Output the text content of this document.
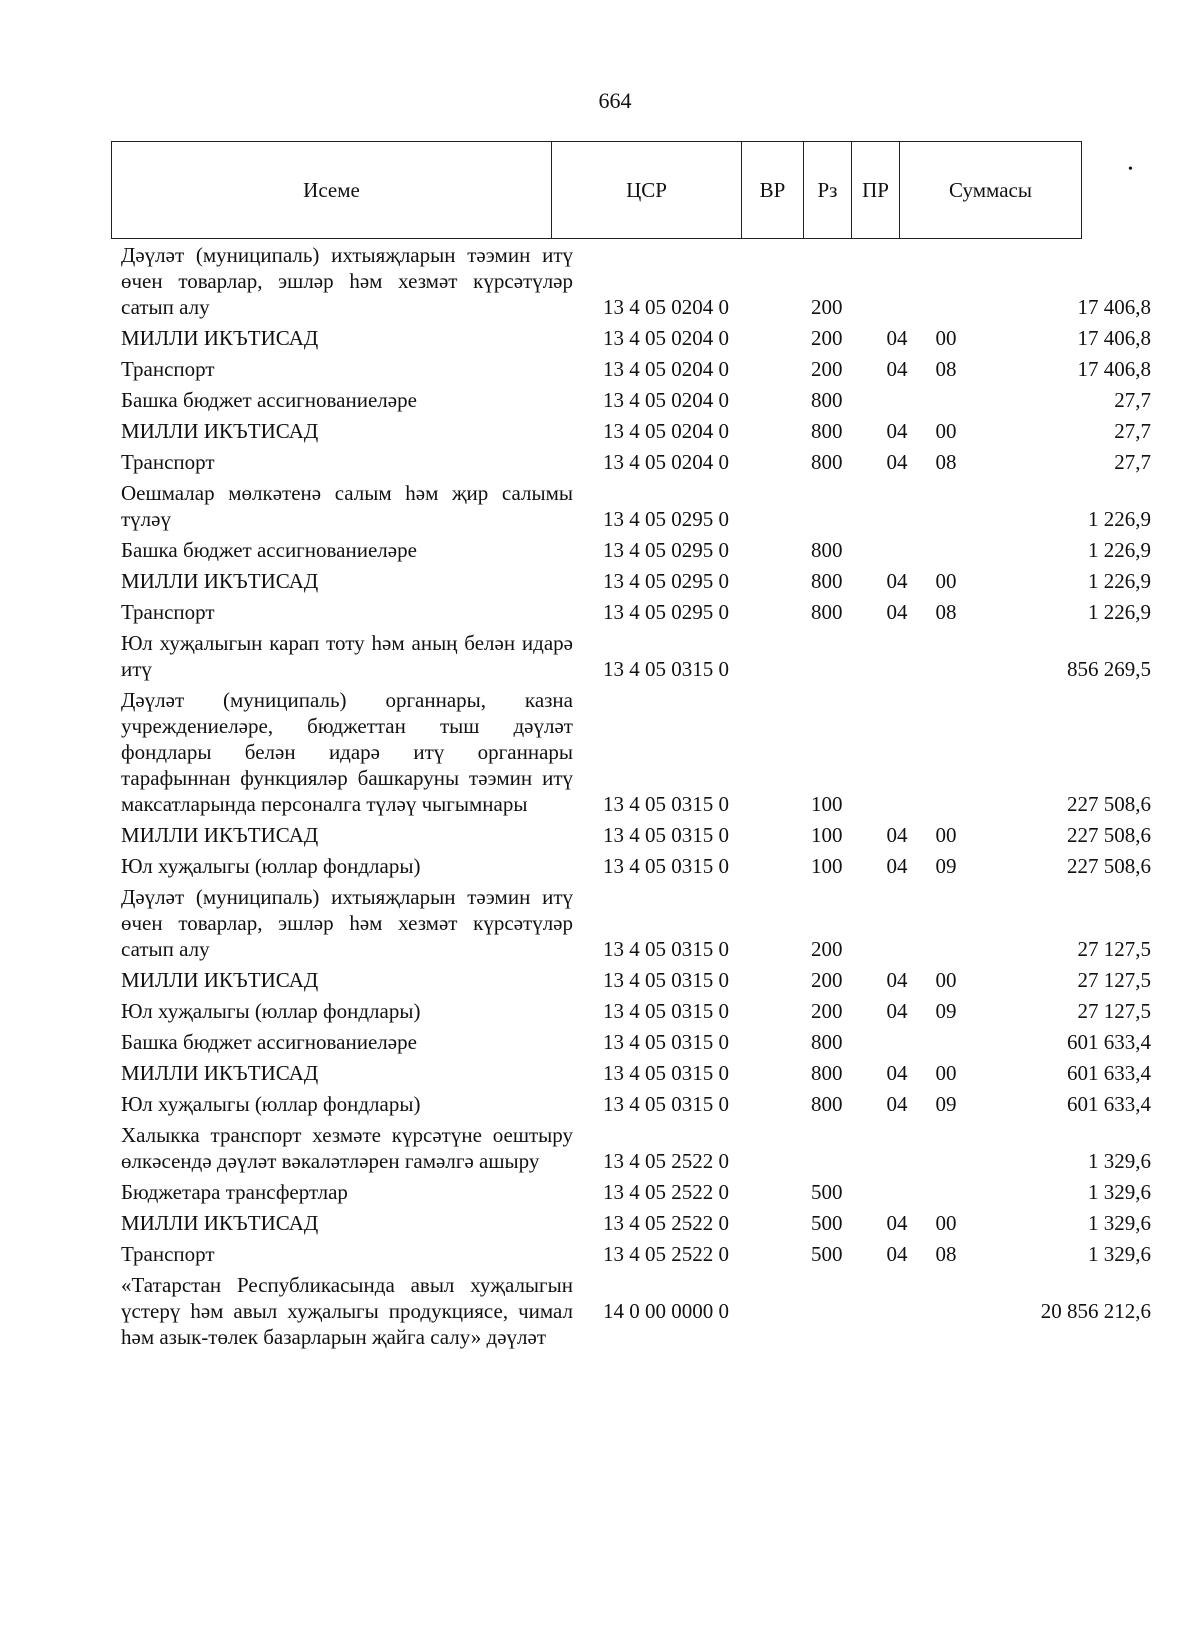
664
•
Исеме	ЦСР	ВР	Рз	ПР	Суммасы
Дәүләт (муниципаль) ихтыяҗларын тәэмин итү өчен товарлар, эшләр һәм хезмәт күрсәтүләр сатып алу	13 4 05 0204 0	200			17 406,8

МИЛЛИ ИКЪТИСАД	13 4 05 0204 0	200	04	00	17 406,8

Транспорт	13 4 05 0204 0	200	04	08	17 406,8

Башка бюджет ассигнованиеләре	13 4 05 0204 0	800			27,7

МИЛЛИ ИКЪТИСАД	13 4 05 0204 0	800	04	00	27,7

Транспорт	13 4 05 0204 0	800	04	08	27,7

Оешмалар мөлкәтенә салым һәм җир салымы түләү	13 4 05 0295 0				1 226,9

Башка бюджет ассигнованиеләре	13 4 05 0295 0	800			1 226,9

МИЛЛИ ИКЪТИСАД	13 4 05 0295 0	800	04	00	1 226,9

Транспорт	13 4 05 0295 0	800	04	08	1 226,9

Юл хуҗалыгын карап тоту һәм аның белән идарә итү	13 4 05 0315 0				856 269,5

Дәүләт (муниципаль) органнары, казна учреждениеләре, бюджеттан тыш дәүләт фондлары белән идарә итү органнары тарафыннан функцияләр башкаруны тәэмин итү максатларында персоналга түләү чыгымнары	13 4 05 0315 0	100			227 508,6

МИЛЛИ ИКЪТИСАД	13 4 05 0315 0	100	04	00	227 508,6

Юл хуҗалыгы (юллар фондлары)	13 4 05 0315 0	100	04	09	227 508,6

Дәүләт (муниципаль) ихтыяҗларын тәэмин итү өчен товарлар, эшләр һәм хезмәт күрсәтүләр сатып алу	13 4 05 0315 0	200			27 127,5

МИЛЛИ ИКЪТИСАД	13 4 05 0315 0	200	04	00	27 127,5

Юл хуҗалыгы (юллар фондлары)	13 4 05 0315 0	200	04	09	27 127,5

Башка бюджет ассигнованиеләре	13 4 05 0315 0	800			601 633,4

МИЛЛИ ИКЪТИСАД	13 4 05 0315 0	800	04	00	601 633,4

Юл хуҗалыгы (юллар фондлары)	13 4 05 0315 0	800	04	09	601 633,4

Халыкка транспорт хезмәте күрсәтүне оештыру өлкәсендә дәүләт вәкаләтләрен гамәлгә ашыру	13 4 05 2522 0				1 329,6

Бюджетара трансфертлар	13 4 05 2522 0	500			1 329,6

МИЛЛИ ИКЪТИСАД	13 4 05 2522 0	500	04	00	1 329,6

Транспорт	13 4 05 2522 0	500	04	08	1 329,6

«Татарстан Республикасында авыл хуҗалыгын үстерү һәм авыл хуҗалыгы продукциясе, чимал һәм азык-төлек базарларын җайга салу» дәүләт	14 0 00 0000 0				20 856 212,6
